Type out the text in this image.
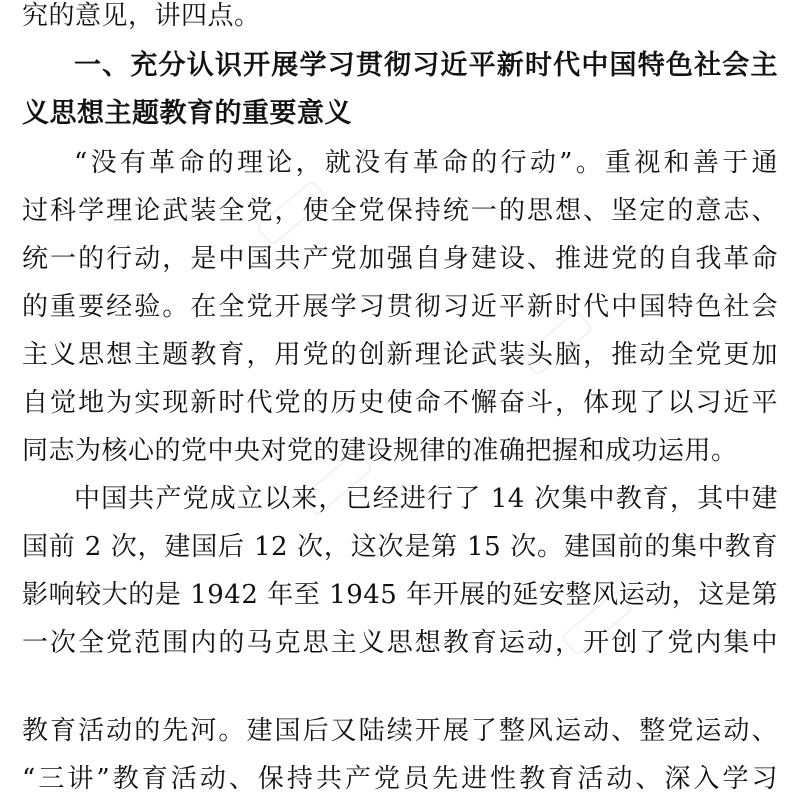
究的意见，讲四点。
一、充分认识开展学习贯彻习近平新时代中国特色社会主
义思想主题教育的重要意义
“没有革命的理论，就没有革命的行动”。重视和善于通
过科学理论武装全党，使全党保持统一的思想、坚定的意志、
统一的行动，是中国共产党加强自身建设、推进党的自我革命
的重要经验。在全党开展学习贯彻习近平新时代中国特色社会
主义思想主题教育，用党的创新理论武装头脑，推动全党更加
自觉地为实现新时代党的历史使命不懈奋斗，体现了以习近平
同志为核心的党中央对党的建设规律的准确把握和成功运用。
中国共产党成立以来，已经进行了 14 次集中教育，其中建
国前 2 次，建国后 12 次，这次是第 15 次。建国前的集中教育
影响较大的是 1942 年至 1945 年开展的延安整风运动，这是第
一次全党范围内的马克思主义思想教育运动，开创了党内集中
教育活动的先河。建国后又陆续开展了整风运动、整党运动、
“三讲”教育活动、保持共产党员先进性教育活动、深入学习
